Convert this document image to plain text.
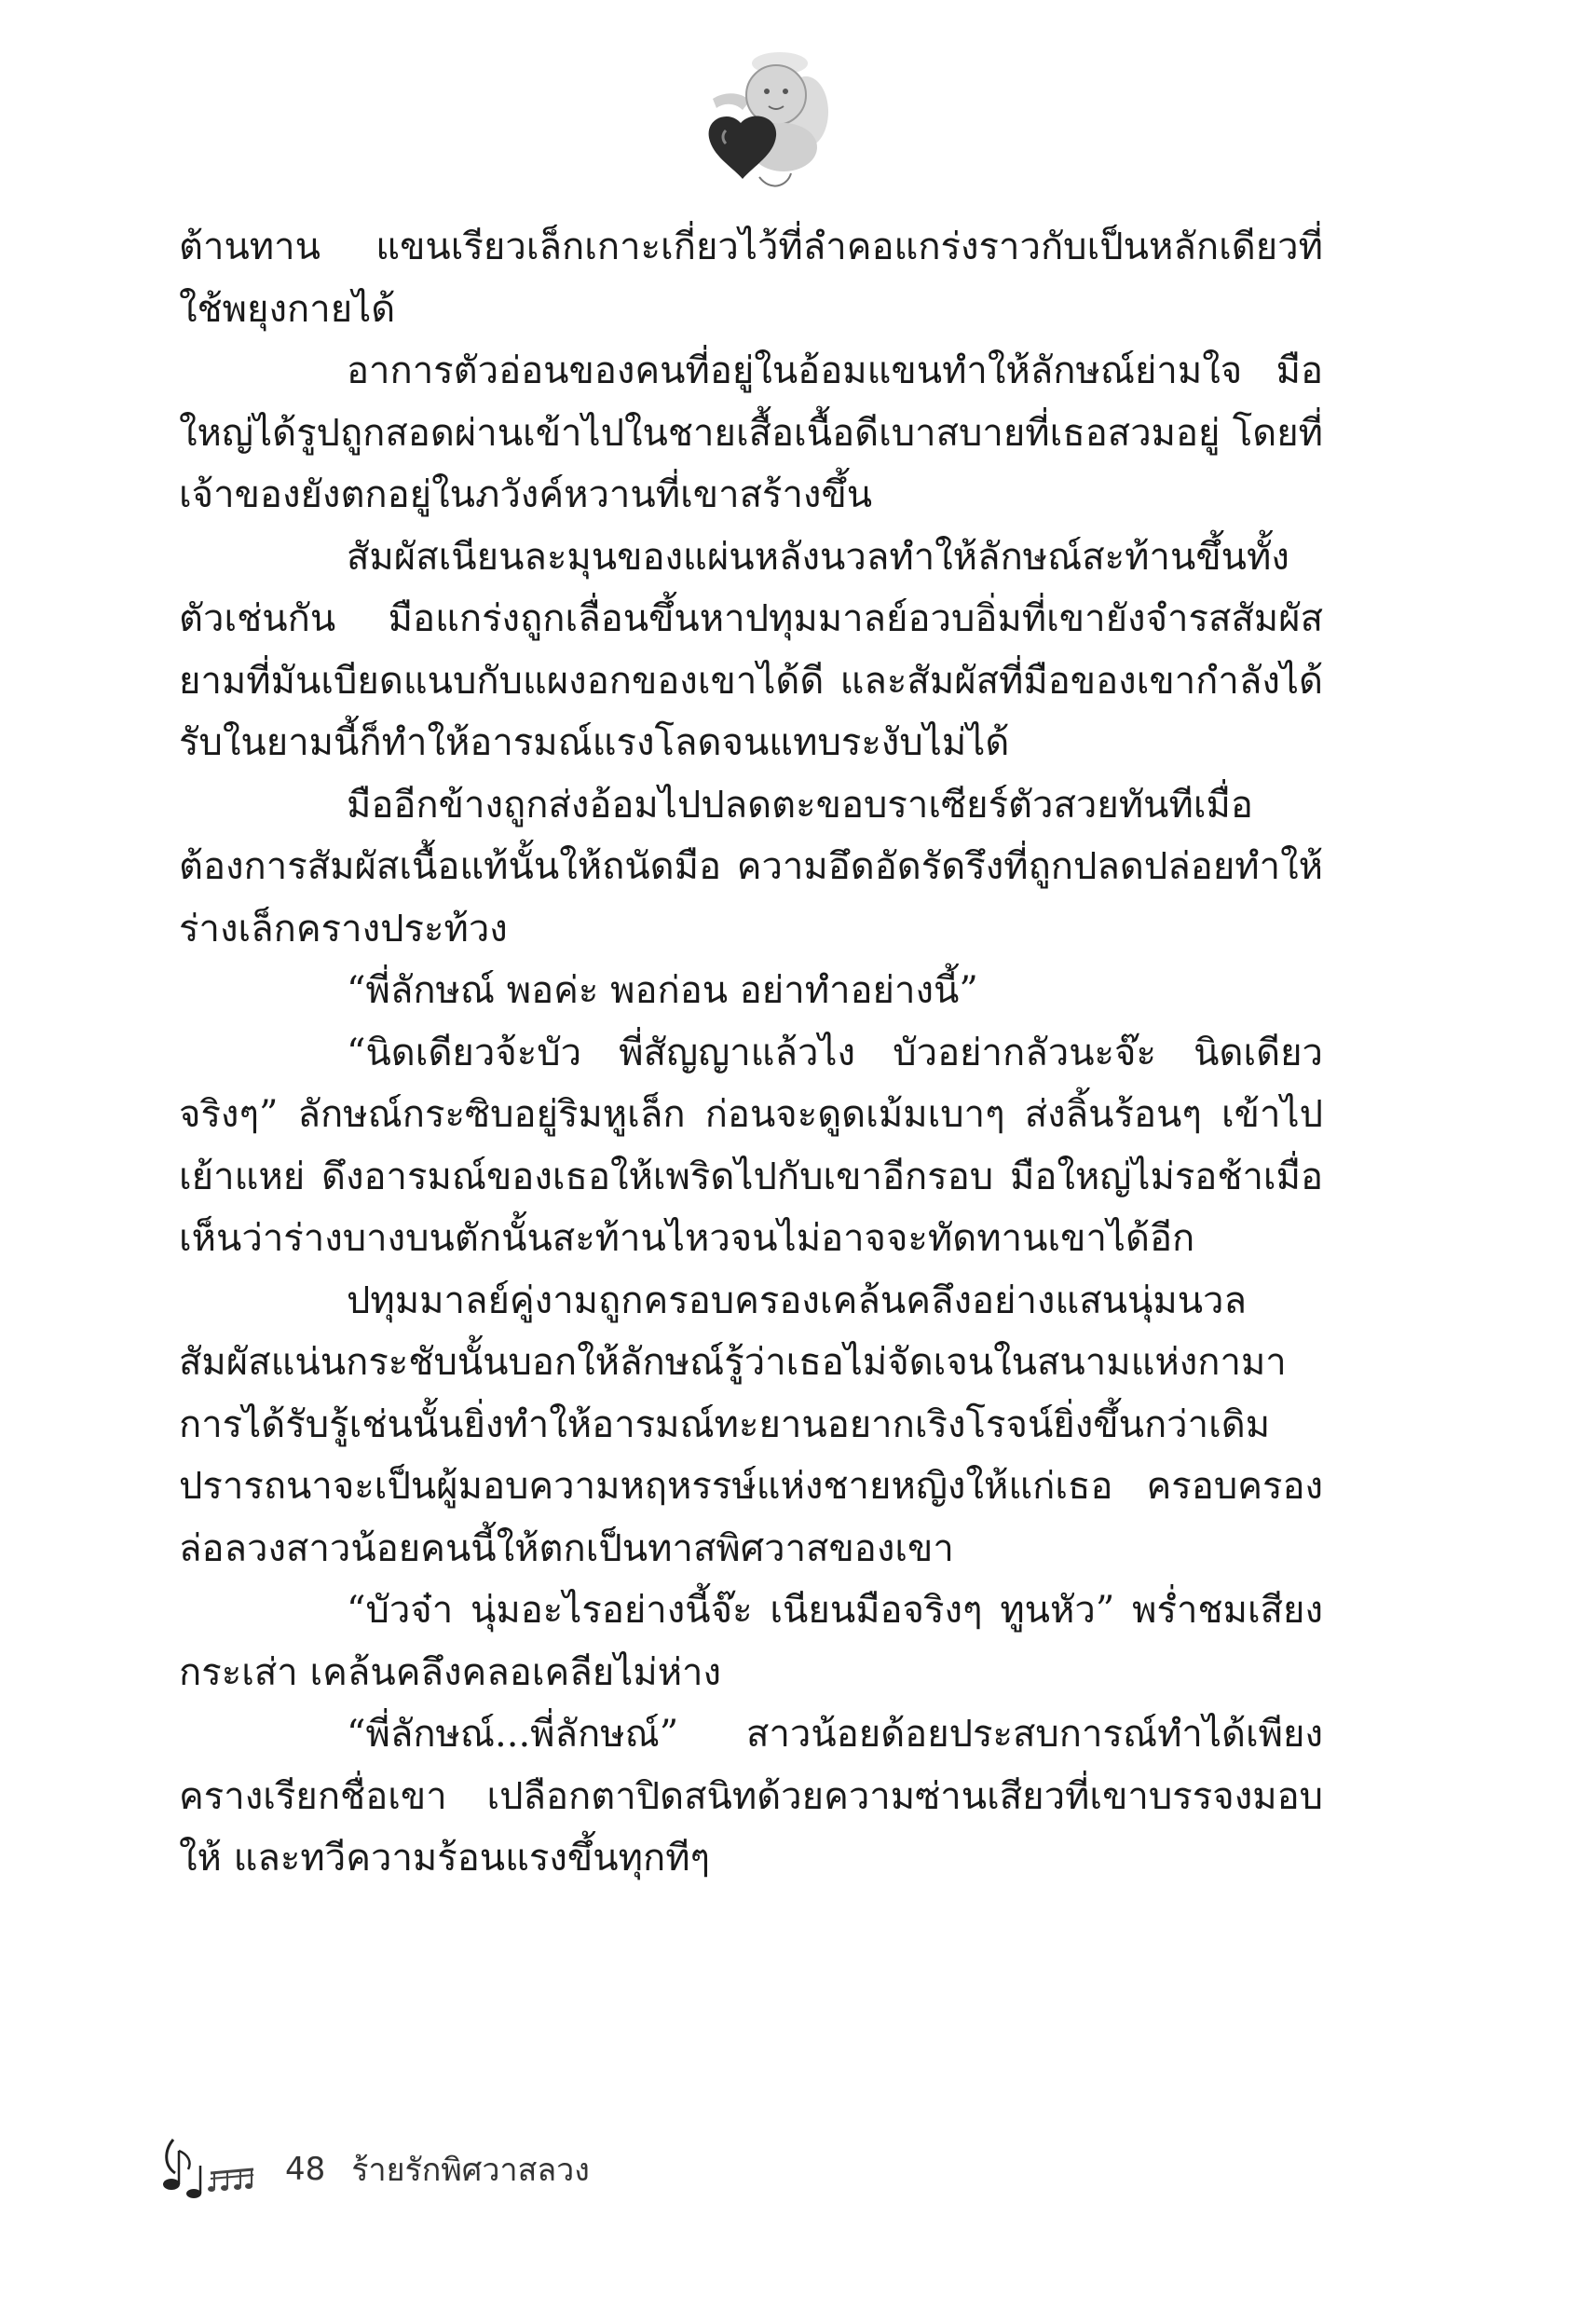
ต้านทาน แขนเรียวเล็กเกาะเกี่ยวไว้ที่ลำคอแกร่งราวกับเป็นหลักเดียวที่ใช้พยุงกายได้

อาการตัวอ่อนของคนที่อยู่ในอ้อมแขนทำให้ลักษณ์ย่ามใจ มือใหญ่ได้รูปถูกสอดผ่านเข้าไปในชายเสื้อเนื้อดีเบาสบายที่เธอสวมอยู่ โดยที่เจ้าของยังตกอยู่ในภวังค์หวานที่เขาสร้างขึ้น

สัมผัสเนียนละมุนของแผ่นหลังนวลทำให้ลักษณ์สะท้านขึ้นทั้งตัวเช่นกัน มือแกร่งถูกเลื่อนขึ้นหาปทุมมาลย์อวบอิ่มที่เขายังจำรสสัมผัสยามที่มันเบียดแนบกับแผงอกของเขาได้ดี และสัมผัสที่มือของเขากำลังได้รับในยามนี้ก็ทำให้อารมณ์แรงโลดจนแทบระงับไม่ได้

มืออีกข้างถูกส่งอ้อมไปปลดตะขอบราเซียร์ตัวสวยทันทีเมื่อต้องการสัมผัสเนื้อแท้นั้นให้ถนัดมือ ความอึดอัดรัดรึงที่ถูกปลดปล่อยทำให้ร่างเล็กครางประท้วง

“พี่ลักษณ์ พอค่ะ พอก่อน อย่าทำอย่างนี้”

“นิดเดียวจ้ะบัว พี่สัญญาแล้วไง บัวอย่ากลัวนะจ๊ะ นิดเดียวจริงๆ” ลักษณ์กระซิบอยู่ริมหูเล็ก ก่อนจะดูดเม้มเบาๆ ส่งลิ้นร้อนๆ เข้าไปเย้าแหย่ ดึงอารมณ์ของเธอให้เพริดไปกับเขาอีกรอบ มือใหญ่ไม่รอช้าเมื่อเห็นว่าร่างบางบนตักนั้นสะท้านไหวจนไม่อาจจะทัดทานเขาได้อีก

ปทุมมาลย์คู่งามถูกครอบครองเคล้นคลึงอย่างแสนนุ่มนวล สัมผัสแน่นกระชับนั้นบอกให้ลักษณ์รู้ว่าเธอไม่จัดเจนในสนามแห่งกามา การได้รับรู้เช่นนั้นยิ่งทำให้อารมณ์ทะยานอยากเริงโรจน์ยิ่งขึ้นกว่าเดิม ปรารถนาจะเป็นผู้มอบความหฤหรรษ์แห่งชายหญิงให้แก่เธอ ครอบครอง ล่อลวงสาวน้อยคนนี้ให้ตกเป็นทาสพิศวาสของเขา

“บัวจ๋า นุ่มอะไรอย่างนี้จ๊ะ เนียนมือจริงๆ ทูนหัว” พร่ำชมเสียงกระเส่า เคล้นคลึงคลอเคลียไม่ห่าง

“พี่ลักษณ์...พี่ลักษณ์” สาวน้อยด้อยประสบการณ์ทำได้เพียงครางเรียกชื่อเขา เปลือกตาปิดสนิทด้วยความซ่านเสียวที่เขาบรรจงมอบให้ และทวีความร้อนแรงขึ้นทุกทีๆ

48 ร้ายรักพิศวาสลวง
